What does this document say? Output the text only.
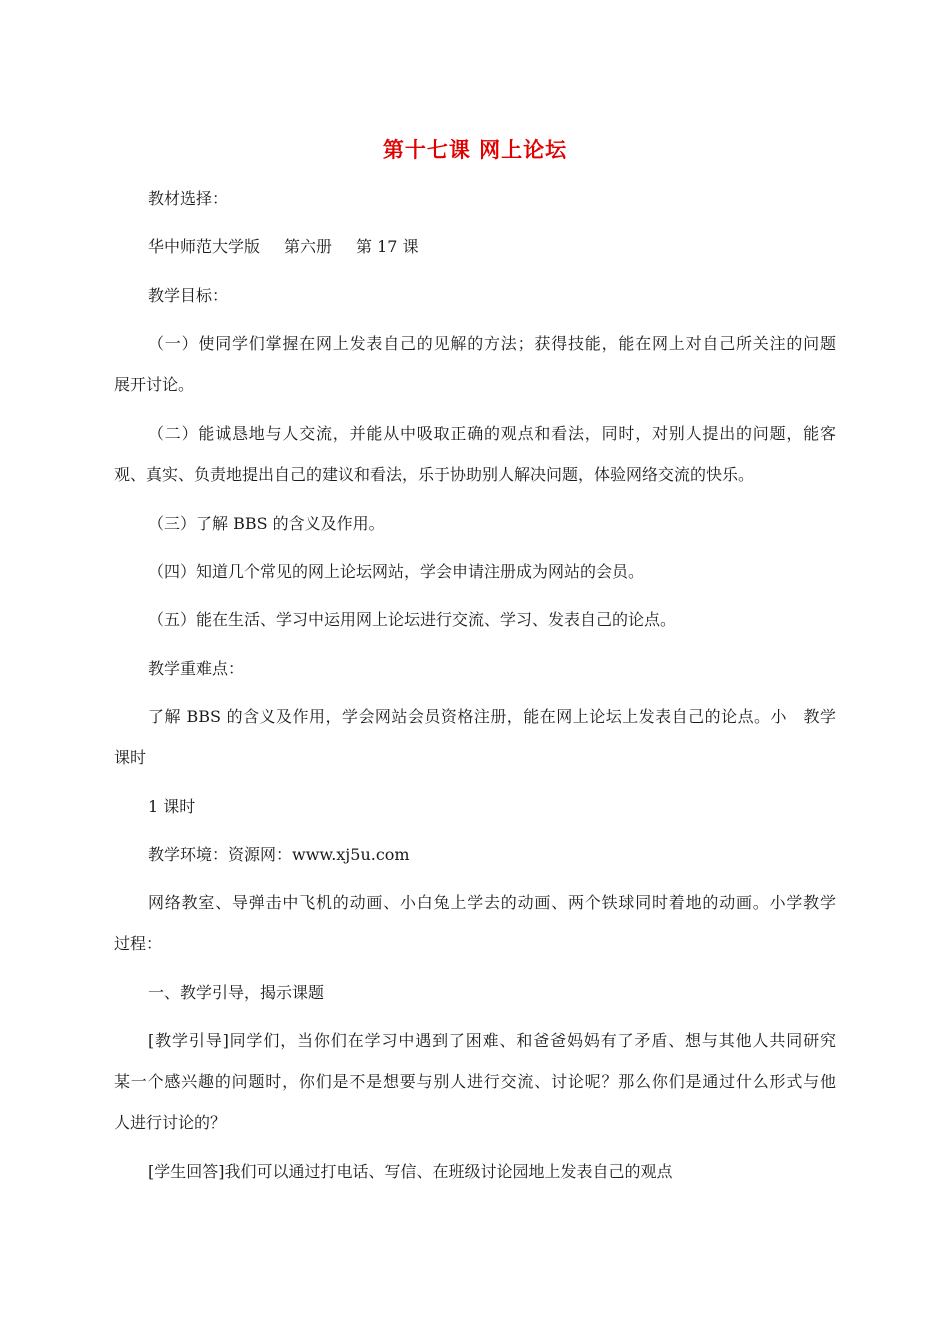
第十七课 网上论坛
教材选择：
华中师范大学版 第六册 第 17 课
教学目标：
（一）使同学们掌握在网上发表自己的见解的方法；获得技能，能在网上对自己所关注的问题
展开讨论。
（二）能诚恳地与人交流，并能从中吸取正确的观点和看法，同时，对别人提出的问题，能客
观、真实、负责地提出自己的建议和看法，乐于协助别人解决问题，体验网络交流的快乐。
（三）了解 BBS 的含义及作用。
（四）知道几个常见的网上论坛网站，学会申请注册成为网站的会员。
（五）能在生活、学习中运用网上论坛进行交流、学习、发表自己的论点。
教学重难点：
了解 BBS 的含义及作用，学会网站会员资格注册，能在网上论坛上发表自己的论点。小　教学
课时
1 课时
教学环境：资源网：www.xj5u.com
网络教室、导弹击中飞机的动画、小白兔上学去的动画、两个铁球同时着地的动画。小学教学
过程：
一、教学引导，揭示课题
[教学引导]同学们，当你们在学习中遇到了困难、和爸爸妈妈有了矛盾、想与其他人共同研究
某一个感兴趣的问题时，你们是不是想要与别人进行交流、讨论呢？那么你们是通过什么形式与他
人进行讨论的？
[学生回答]我们可以通过打电话、写信、在班级讨论园地上发表自己的观点
